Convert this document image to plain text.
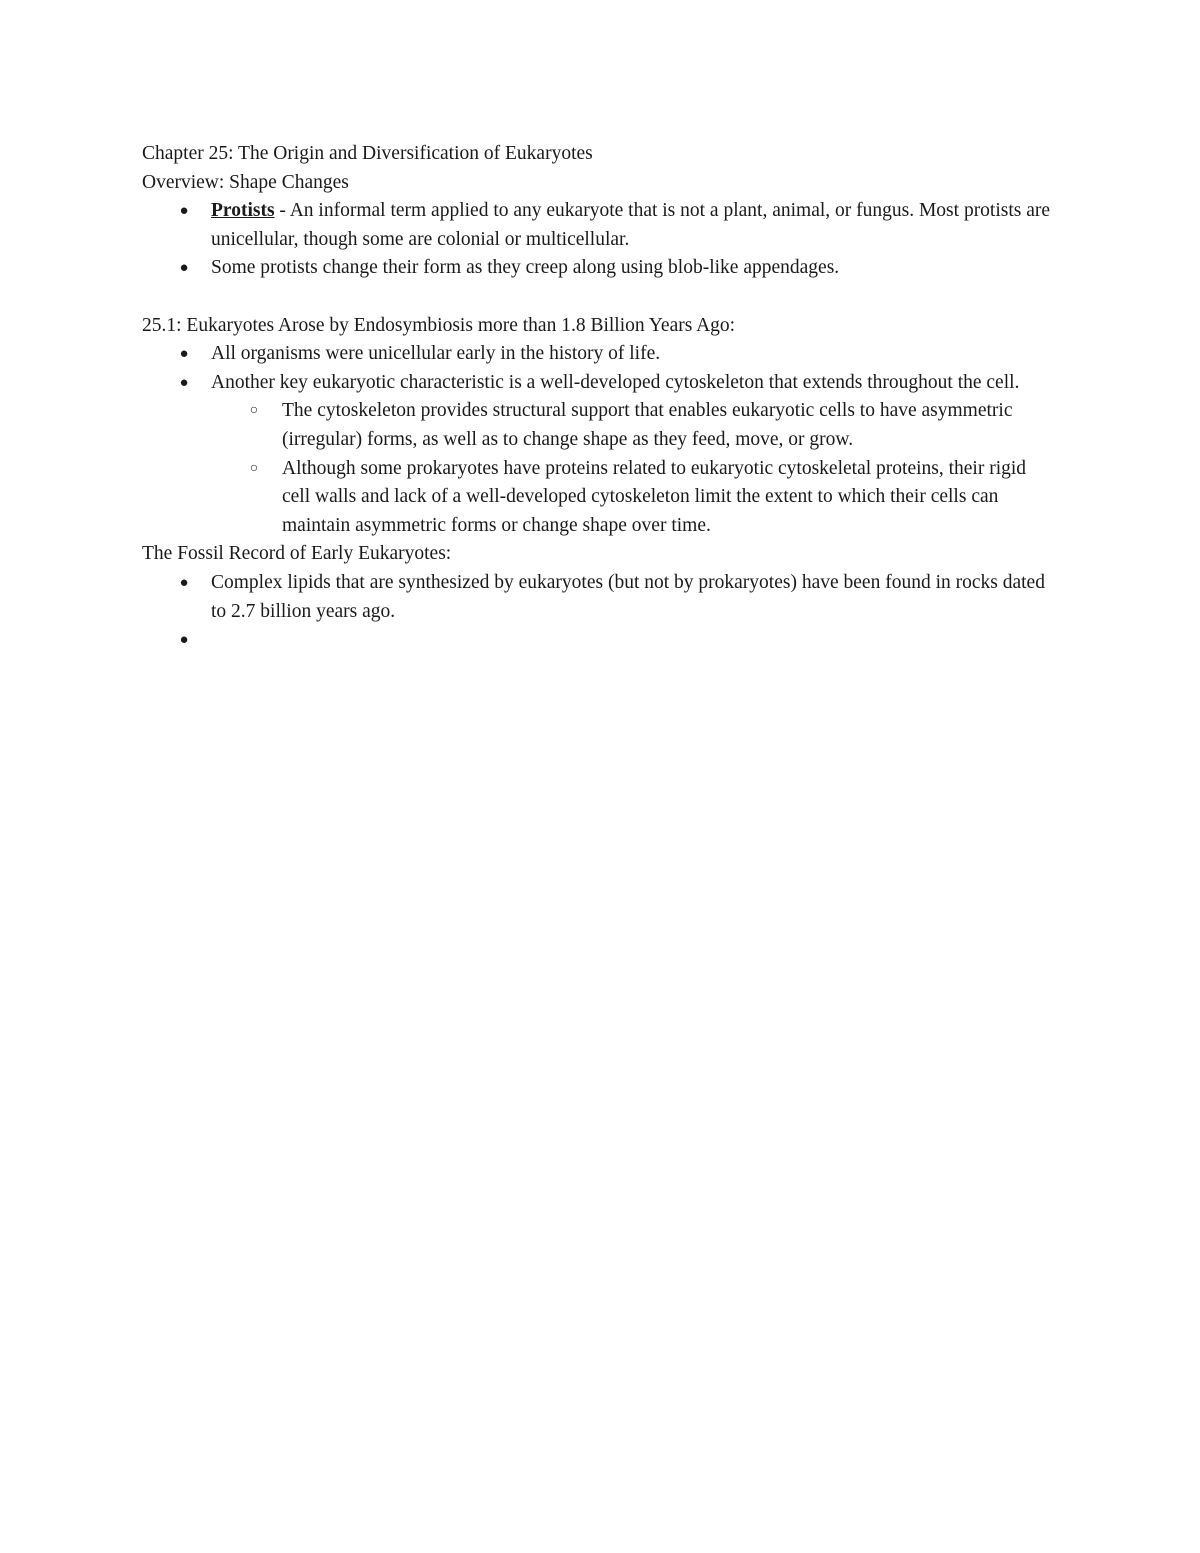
Chapter 25: The Origin and Diversification of Eukaryotes

Overview: Shape Changes

● Protists - An informal term applied to any eukaryote that is not a plant, animal, or fungus. Most protists are unicellular, though some are colonial or multicellular.
● Some protists change their form as they creep along using blob-like appendages.

25.1: Eukaryotes Arose by Endosymbiosis more than 1.8 Billion Years Ago:

● All organisms were unicellular early in the history of life.
● Another key eukaryotic characteristic is a well-developed cytoskeleton that extends throughout the cell.
○ The cytoskeleton provides structural support that enables eukaryotic cells to have asymmetric (irregular) forms, as well as to change shape as they feed, move, or grow.
○ Although some prokaryotes have proteins related to eukaryotic cytoskeletal proteins, their rigid cell walls and lack of a well-developed cytoskeleton limit the extent to which their cells can maintain asymmetric forms or change shape over time.

The Fossil Record of Early Eukaryotes:

● Complex lipids that are synthesized by eukaryotes (but not by prokaryotes) have been found in rocks dated to 2.7 billion years ago.
●
